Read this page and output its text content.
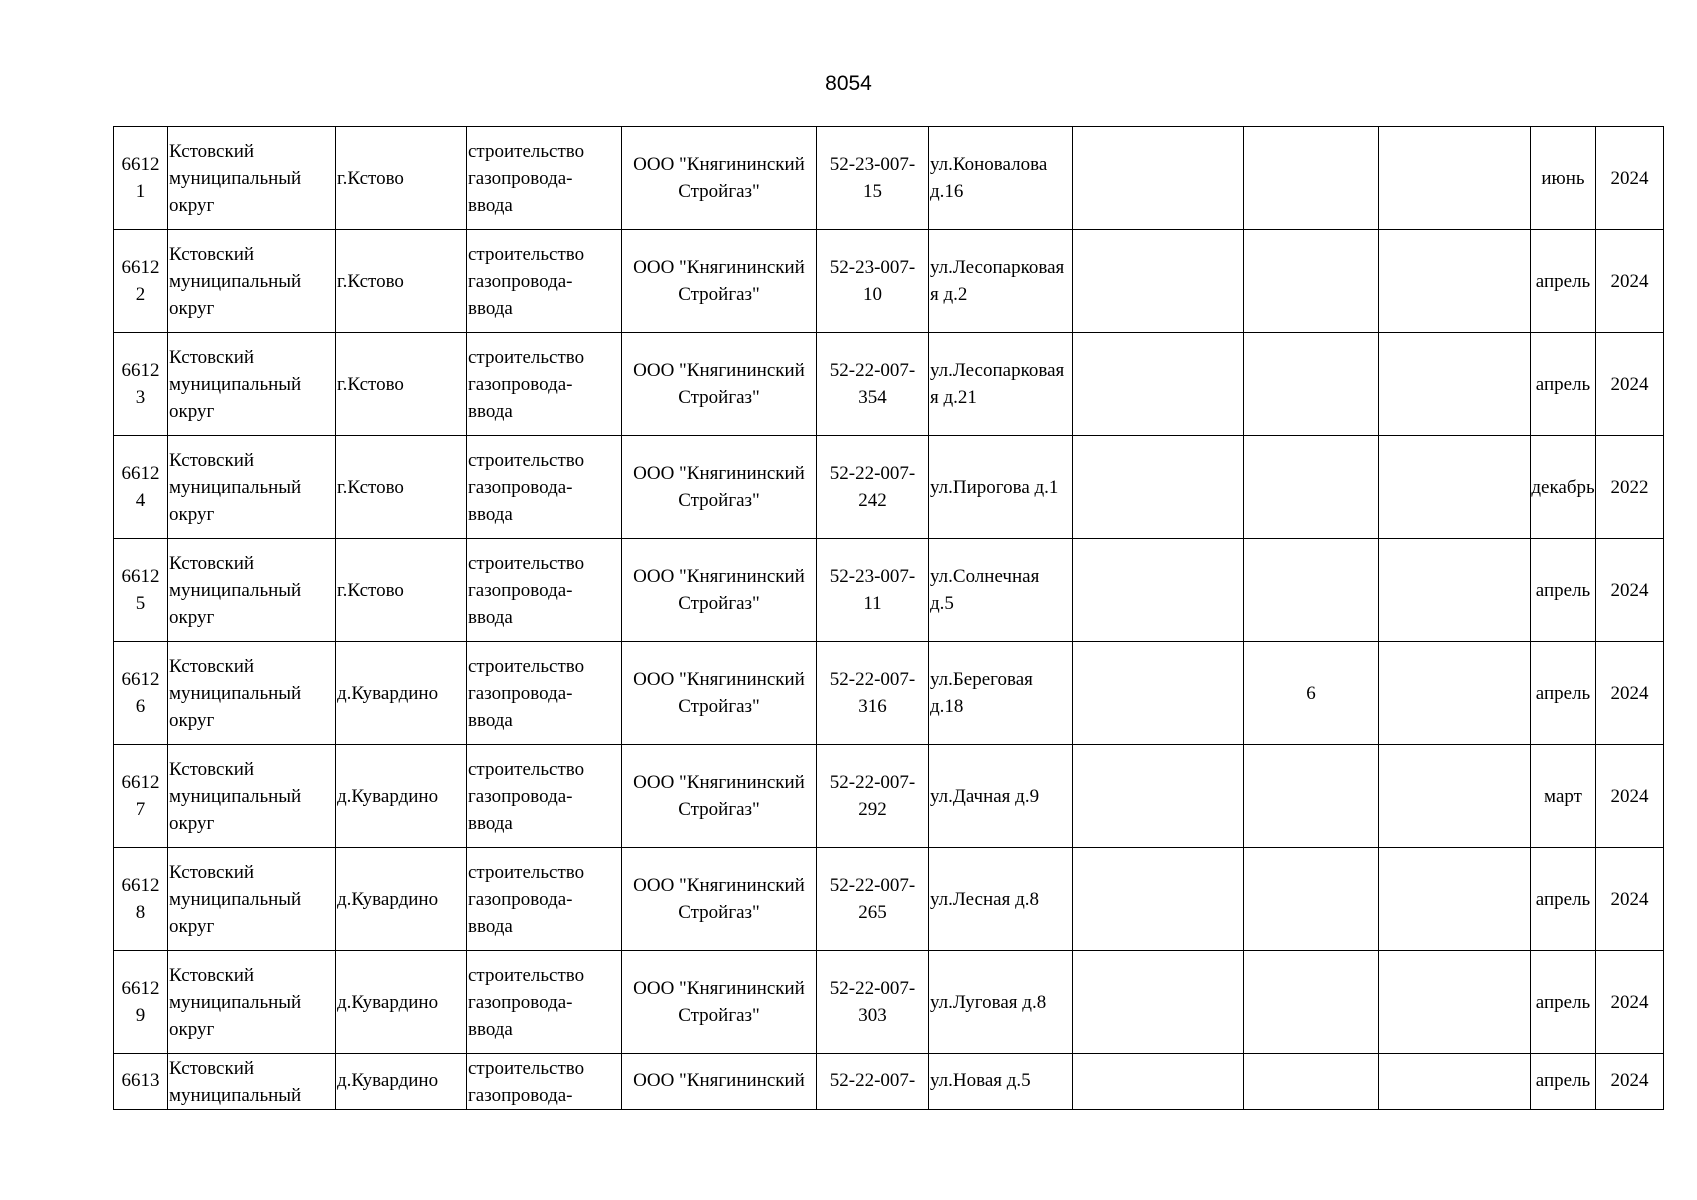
8054
6612
1	Кстовский
муниципальный
округ	г.Кстово	строительство
газопровода-
ввода	ООО "Княгининский
Стройгаз"	52-23-007-
15	ул.Коновалова
д.16				июнь	2024

6612
2	Кстовский
муниципальный
округ	г.Кстово	строительство
газопровода-
ввода	ООО "Княгининский
Стройгаз"	52-23-007-
10	ул.Лесопарковая
я д.2				апрель	2024

6612
3	Кстовский
муниципальный
округ	г.Кстово	строительство
газопровода-
ввода	ООО "Княгининский
Стройгаз"	52-22-007-
354	ул.Лесопарковая
я д.21				апрель	2024

6612
4	Кстовский
муниципальный
округ	г.Кстово	строительство
газопровода-
ввода	ООО "Княгининский
Стройгаз"	52-22-007-
242	ул.Пирогова д.1				декабрь	2022

6612
5	Кстовский
муниципальный
округ	г.Кстово	строительство
газопровода-
ввода	ООО "Княгининский
Стройгаз"	52-23-007-
11	ул.Солнечная
д.5				апрель	2024

6612
6	Кстовский
муниципальный
округ	д.Кувардино	строительство
газопровода-
ввода	ООО "Княгининский
Стройгаз"	52-22-007-
316	ул.Береговая
д.18		6		апрель	2024

6612
7	Кстовский
муниципальный
округ	д.Кувардино	строительство
газопровода-
ввода	ООО "Княгининский
Стройгаз"	52-22-007-
292	ул.Дачная д.9				март	2024

6612
8	Кстовский
муниципальный
округ	д.Кувардино	строительство
газопровода-
ввода	ООО "Княгининский
Стройгаз"	52-22-007-
265	ул.Лесная д.8				апрель	2024

6612
9	Кстовский
муниципальный
округ	д.Кувардино	строительство
газопровода-
ввода	ООО "Княгининский
Стройгаз"	52-22-007-
303	ул.Луговая д.8				апрель	2024

6613	Кстовский
муниципальный	д.Кувардино	строительство
газопровода-	ООО "Княгининский	52-22-007-	ул.Новая д.5				апрель	2024
